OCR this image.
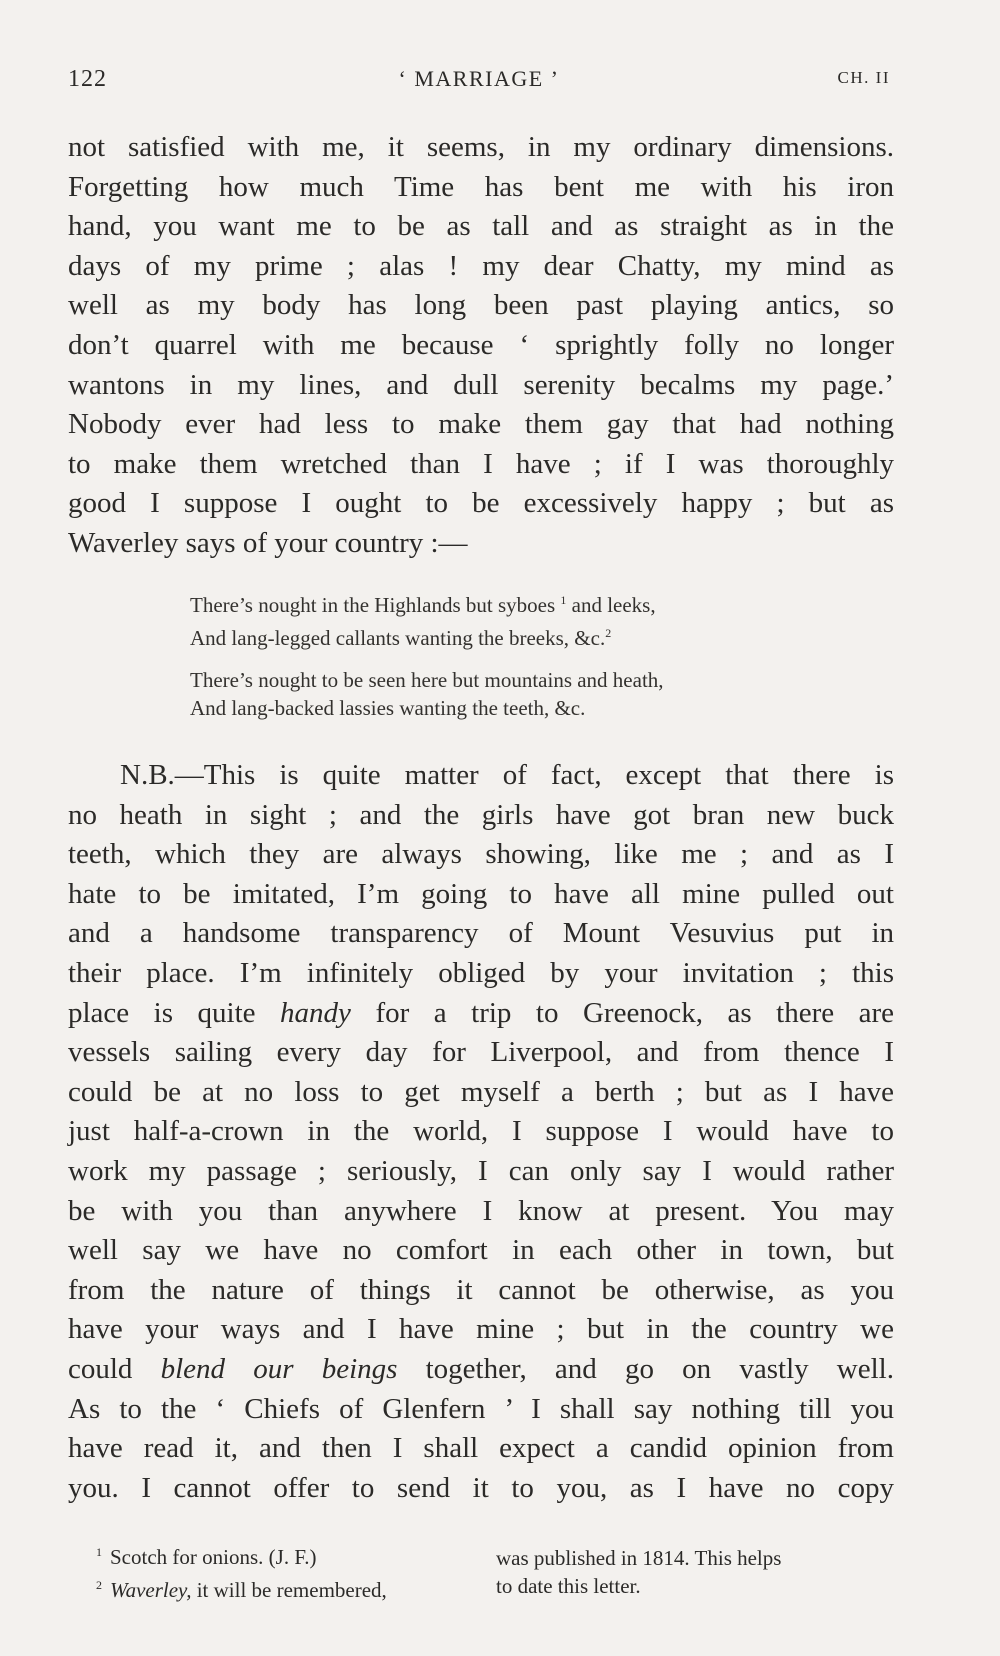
122	‘ MARRIAGE ’	CH. II
not satisfied with me, it seems, in my ordinary dimensions.
Forgetting how much Time has bent me with his iron
hand, you want me to be as tall and as straight as in the
days of my prime ; alas ! my dear Chatty, my mind as
well as my body has long been past playing antics, so
don’t quarrel with me because ‘ sprightly folly no longer
wantons in my lines, and dull serenity becalms my page.’
Nobody ever had less to make them gay that had nothing
to make them wretched than I have ; if I was thoroughly
good I suppose I ought to be excessively happy ; but as
Waverley says of your country :—
There’s nought in the Highlands but syboes $^1$ and leeks,
And lang-legged callants wanting the breeks, &c.$^2$
There’s nought to be seen here but mountains and heath,
And lang-backed lassies wanting the teeth, &c.
N.B.—This is quite matter of fact, except that there is
no heath in sight ; and the girls have got bran new buck
teeth, which they are always showing, like me ; and as I
hate to be imitated, I’m going to have all mine pulled out
and a handsome transparency of Mount Vesuvius put in
their place. I’m infinitely obliged by your invitation ; this
place is quite handy for a trip to Greenock, as there are
vessels sailing every day for Liverpool, and from thence I
could be at no loss to get myself a berth ; but as I have
just half-a-crown in the world, I suppose I would have to
work my passage ; seriously, I can only say I would rather
be with you than anywhere I know at present. You may
well say we have no comfort in each other in town, but
from the nature of things it cannot be otherwise, as you
have your ways and I have mine ; but in the country we
could blend our beings together, and go on vastly well.
As to the ‘ Chiefs of Glenfern ’ I shall say nothing till you
have read it, and then I shall expect a candid opinion from
you. I cannot offer to send it to you, as I have no copy
$^1$ Scotch for onions. (J. F.)
$^2$ Waverley, it will be remembered,
was published in 1814. This helps
to date this letter.
